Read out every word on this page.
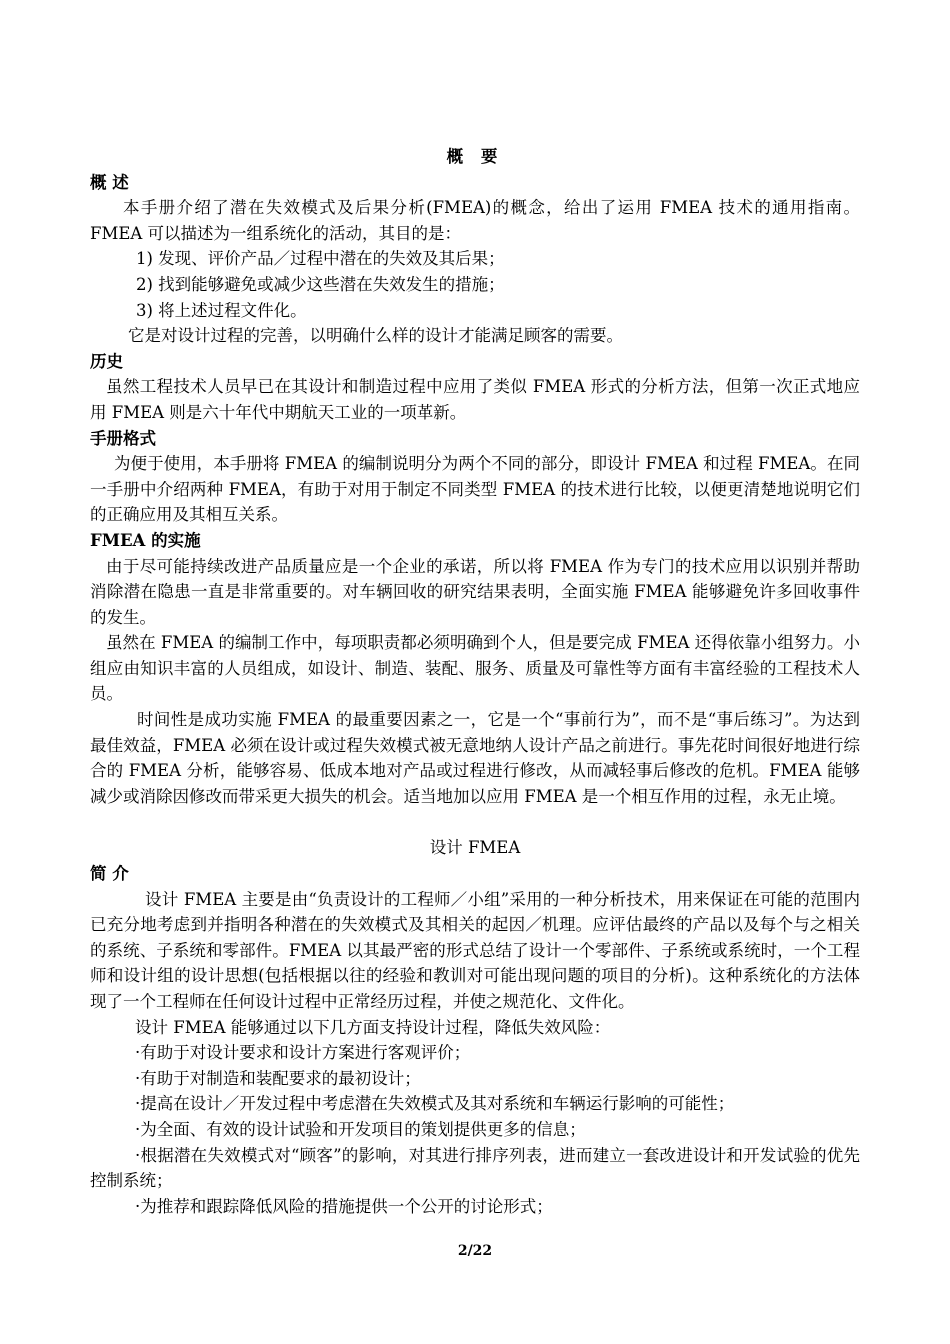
概 要

概 述

本手册介绍了潜在失效模式及后果分析(FMEA)的概念，给出了运用 FMEA 技术的通用指南。FMEA 可以描述为一组系统化的活动，其目的是：

1) 发现、评价产品／过程中潜在的失效及其后果；

2) 找到能够避免或减少这些潜在失效发生的措施；

3) 将上述过程文件化。

它是对设计过程的完善，以明确什么样的设计才能满足顾客的需要。

历史

虽然工程技术人员早已在其设计和制造过程中应用了类似 FMEA 形式的分析方法，但第一次正式地应用 FMEA 则是六十年代中期航天工业的一项革新。

手册格式

为便于使用，本手册将 FMEA 的编制说明分为两个不同的部分，即设计 FMEA 和过程 FMEA。在同一手册中介绍两种 FMEA，有助于对用于制定不同类型 FMEA 的技术进行比较，以便更清楚地说明它们的正确应用及其相互关系。

FMEA 的实施

由于尽可能持续改进产品质量应是一个企业的承诺，所以将 FMEA 作为专门的技术应用以识别并帮助消除潜在隐患一直是非常重要的。对车辆回收的研究结果表明，全面实施 FMEA 能够避免许多回收事件的发生。

虽然在 FMEA 的编制工作中，每项职责都必须明确到个人，但是要完成 FMEA 还得依靠小组努力。小组应由知识丰富的人员组成，如设计、制造、装配、服务、质量及可靠性等方面有丰富经验的工程技术人员。

时间性是成功实施 FMEA 的最重要因素之一，它是一个“事前行为”，而不是“事后练习”。为达到最佳效益，FMEA 必须在设计或过程失效模式被无意地纳人设计产品之前进行。事先花时间很好地进行综合的 FMEA 分析，能够容易、低成本地对产品或过程进行修改，从而减轻事后修改的危机。FMEA 能够减少或消除因修改而带采更大损失的机会。适当地加以应用 FMEA 是一个相互作用的过程，永无止境。

设计 FMEA

简 介

设计 FMEA 主要是由“负责设计的工程师／小组”采用的一种分析技术，用来保证在可能的范围内已充分地考虑到并指明各种潜在的失效模式及其相关的起因／机理。应评估最终的产品以及每个与之相关的系统、子系统和零部件。FMEA 以其最严密的形式总结了设计一个零部件、子系统或系统时，一个工程师和设计组的设计思想(包括根据以往的经验和教训对可能出现问题的项目的分析)。这种系统化的方法体现了一个工程师在任何设计过程中正常经历过程，并使之规范化、文件化。

设计 FMEA 能够通过以下几方面支持设计过程，降低失效风险：

·有助于对设计要求和设计方案进行客观评价；

·有助于对制造和装配要求的最初设计；

·提高在设计／开发过程中考虑潜在失效模式及其对系统和车辆运行影响的可能性；

·为全面、有效的设计试验和开发项目的策划提供更多的信息；

·根据潜在失效模式对“顾客”的影响，对其进行排序列表，进而建立一套改进设计和开发试验的优先控制系统；

·为推荐和跟踪降低风险的措施提供一个公开的讨论形式；

2/22
